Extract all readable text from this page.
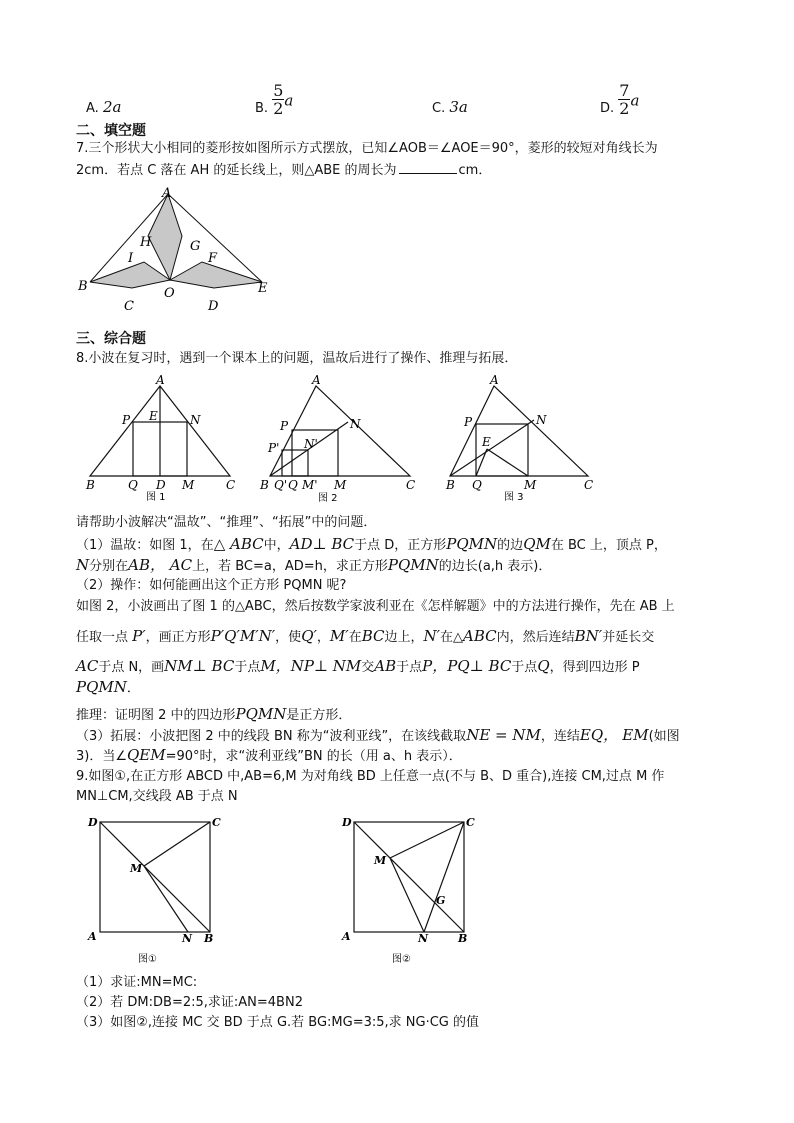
A. 2a	B. $\frac{5}{2}$ a	C. 3a	D. $\frac{7}{2}$ a
二、填空题
7.三个形状大小相同的菱形按如图所示方式摆放，已知∠AOB＝∠AOE＝90°，菱形的较短对角线长为
2cm．若点 C 落在 AH 的延长线上，则△ABE 的周长为	cm．
A
B
C	D
E
F
G
H
I
O
三、综合题
8.小波在复习时，遇到一个课本上的问题，温故后进行了操作、推理与拓展．
A
P E	N
B	Q D M	C
图 1
A
P	N
P' N'
B Q' Q M' M	C
图 2
A
N
P
E
B Q	M	C
图 3
请帮助小波解决“温故”、“推理”、“拓展”中的问题．
（1）温故：如图 1，在△ ABC中，AD⊥ BC于点 D，正方形PQMN的边QM在 BC 上，顶点 P，
N分别在AB， AC上，若 BC=a，AD=h，求正方形PQMN的边长(a,h 表示)．
（2）操作：如何能画出这个正方形 PQMN 呢?
如图 2，小波画出了图 1 的△ABC，然后按数学家波利亚在《怎样解题》中的方法进行操作，先在 AB 上
任取一点 P′，画正方形P′Q′M′N′，使Q′，M′在BC边上，N′在△ABC内，然后连结BN′并延长交
AC于点 N，画NM⊥ BC于点M，NP⊥ NM交AB于点P，PQ⊥ BC于点Q，得到四边形 P
PQMN．
推理：证明图 2 中的四边形PQMN是正方形．
（3）拓展：小波把图 2 中的线段 BN 称为“波利亚线”，在该线截取NE = NM，连结EQ， EM(如图
3)．当∠QEM=90°时，求“波利亚线”BN 的长（用 a、h 表示）．
9.如图①,在正方形 ABCD 中,AB=6,M 为对角线 BD 上任意一点(不与 B、D 重合),连接 CM,过点 M 作
MN⊥CM,交线段 AB 于点 N
D	C
M
A	N B
图①
D	C
M
G
A	N	B
图②
（1）求证:MN=MC:
（2）若 DM:DB=2:5,求证:AN=4BN2
（3）如图②,连接 MC 交 BD 于点 G.若 BG:MG=3:5,求 NG·CG 的值
